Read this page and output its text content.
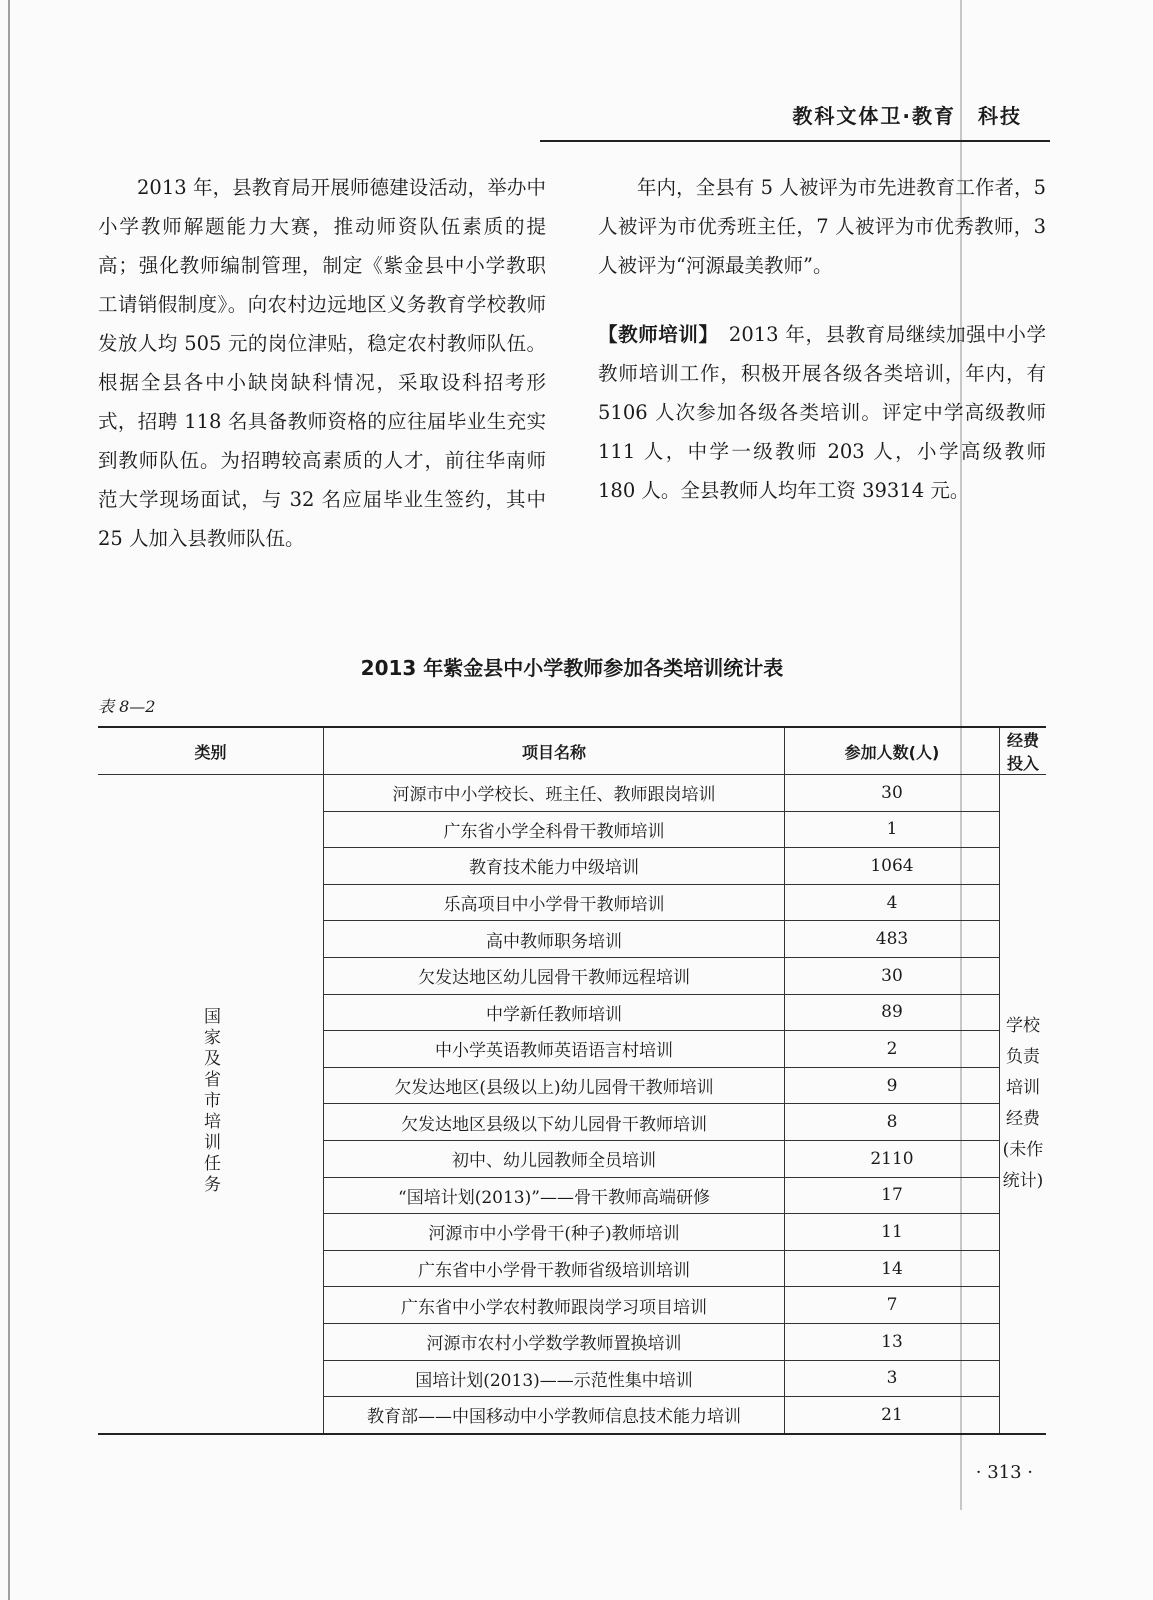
教科文体卫·教育　科技

2013 年，县教育局开展师德建设活动，举办中小学教师解题能力大赛，推动师资队伍素质的提高；强化教师编制管理，制定《紫金县中小学教职工请销假制度》。向农村边远地区义务教育学校教师发放人均 505 元的岗位津贴，稳定农村教师队伍。根据全县各中小缺岗缺科情况，采取设科招考形式，招聘 118 名具备教师资格的应往届毕业生充实到教师队伍。为招聘较高素质的人才，前往华南师范大学现场面试，与 32 名应届毕业生签约，其中 25 人加入县教师队伍。

年内，全县有 5 人被评为市先进教育工作者，5 人被评为市优秀班主任，7 人被评为市优秀教师，3 人被评为“河源最美教师”。

【教师培训】　2013 年，县教育局继续加强中小学教师培训工作，积极开展各级各类培训，年内，有 5106 人次参加各级各类培训。评定中学高级教师 111 人，中学一级教师 203 人，小学高级教师 180 人。全县教师人均年工资 39314 元。

2013 年紫金县中小学教师参加各类培训统计表
表 8—2
类别	项目名称	参加人数(人)	经费投入
国家及省市培训任务	河源市中小学校长、班主任、教师跟岗培训	30	学校负责
培训经费
(未作统计)

	广东省小学全科骨干教师培训	1	
	教育技术能力中级培训	1064	
	乐高项目中小学骨干教师培训	4	
	高中教师职务培训	483	
	欠发达地区幼儿园骨干教师远程培训	30	
	中学新任教师培训	89	
	中小学英语教师英语语言村培训	2	
	欠发达地区(县级以上)幼儿园骨干教师培训	9	
	欠发达地区县级以下幼儿园骨干教师培训	8	
	初中、幼儿园教师全员培训	2110	
	“国培计划(2013)”——骨干教师高端研修	17	
	河源市中小学骨干(种子)教师培训	11	
	广东省中小学骨干教师省级培训培训	14	
	广东省中小学农村教师跟岗学习项目培训	7	
	河源市农村小学数学教师置换培训	13	
	国培计划(2013)——示范性集中培训	3	
	教育部——中国移动中小学教师信息技术能力培训	21	
· 313 ·
